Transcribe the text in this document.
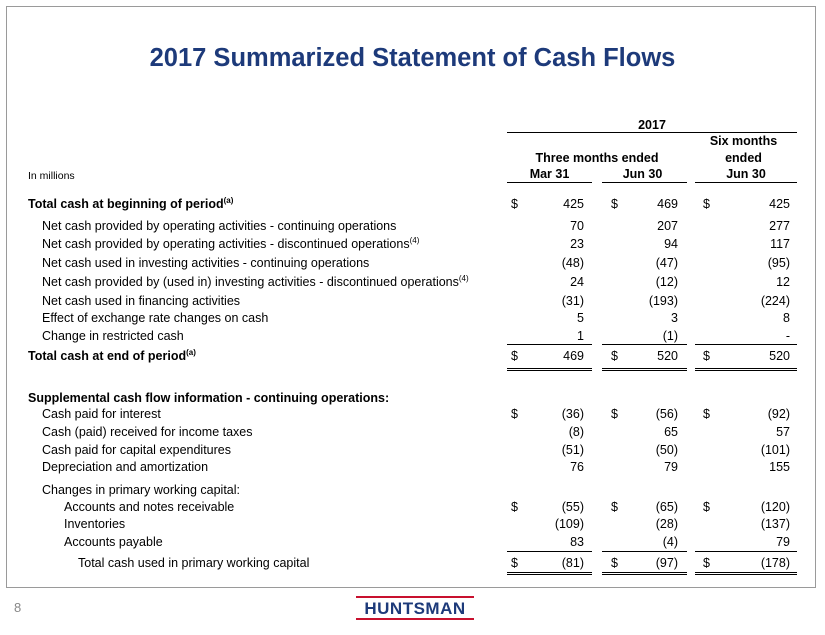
2017 Summarized Statement of Cash Flows
2017
Three months ended
Six months
ended
In millions	Mar 31	Jun 30	Jun 30
Total cash at beginning of period$^{(a)}$	$	425 $	469 $	425
Net cash provided by operating activities - continuing operations	70	207	277
Net cash provided by operating activities - discontinued operations$^{(4)}$	23	94	117
Net cash used in investing activities - continuing operations	(48)	(47)	(95)
Net cash provided by (used in) investing activities - discontinued operations$^{(4)}$	24	(12)	12
Net cash used in financing activities	(31)	(193)	(224)
Effect of exchange rate changes on cash	5	3	8
Change in restricted cash	1	(1)	-
Total cash at end of period$^{(a)}$	$	469 $	520 $	520
Supplemental cash flow information - continuing operations:
Cash paid for interest	$	(36) $	(56) $	(92)
Cash (paid) received for income taxes	(8)	65	57
Cash paid for capital expenditures	(51)	(50)	(101)
Depreciation and amortization	76	79	155
Changes in primary working capital:
Accounts and notes receivable	$	(55) $	(65) $	(120)
Inventories	(109)	(28)	(137)
Accounts payable	83	(4)	79
Total cash used in primary working capital	$	(81) $	(97) $	(178)
8	HUNTSMAN
